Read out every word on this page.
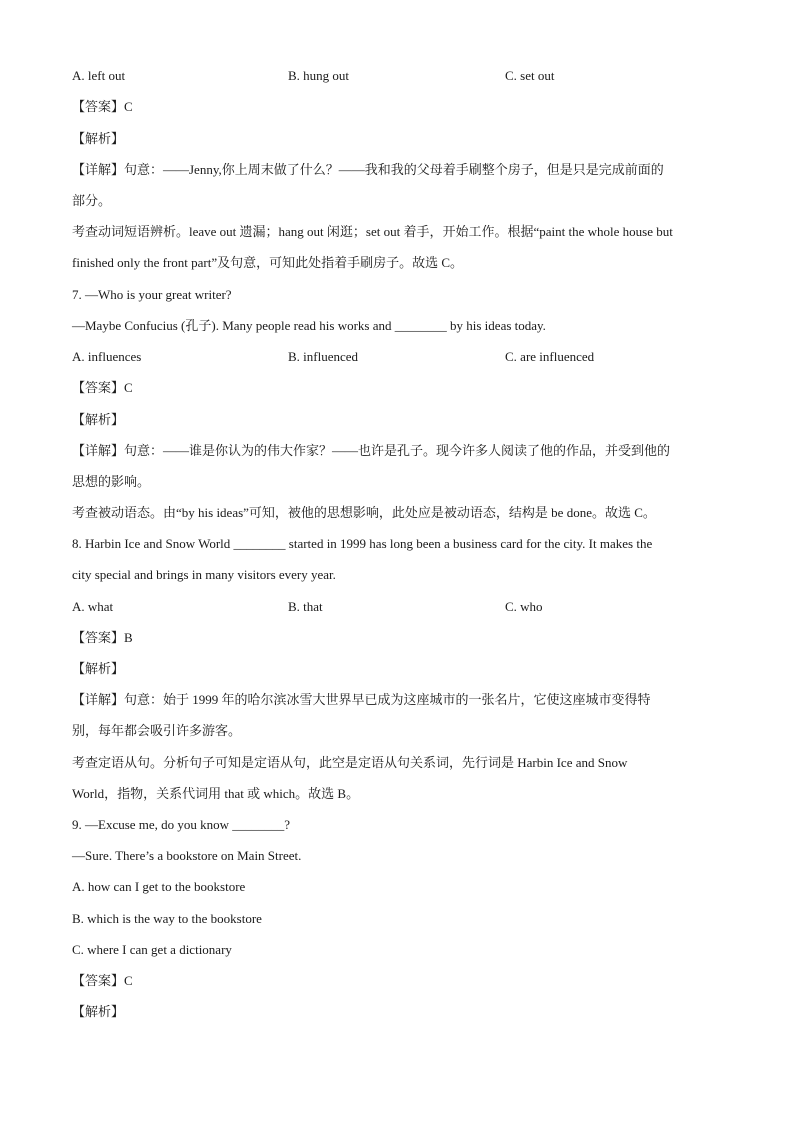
A. left out	B. hung out	C. set out
【答案】C
【解析】
【详解】句意：——Jenny,你上周末做了什么？——我和我的父母着手刷整个房子，但是只是完成前面的
部分。
考查动词短语辨析。leave out 遗漏；hang out 闲逛；set out 着手，开始工作。根据“paint the whole house but
finished only the front part”及句意，可知此处指着手刷房子。故选 C。
7. —Who is your great writer?
—Maybe Confucius (孔子). Many people read his works and ________ by his ideas today.
A. influences	B. influenced	C. are influenced
【答案】C
【解析】
【详解】句意：——谁是你认为的伟大作家？——也许是孔子。现今许多人阅读了他的作品，并受到他的
思想的影响。
考查被动语态。由“by his ideas”可知，被他的思想影响，此处应是被动语态，结构是 be done。故选 C。
8. Harbin Ice and Snow World ________ started in 1999 has long been a business card for the city. It makes the
city special and brings in many visitors every year.
A. what	B. that	C. who
【答案】B
【解析】
【详解】句意：始于 1999 年的哈尔滨冰雪大世界早已成为这座城市的一张名片，它使这座城市变得特
别，每年都会吸引许多游客。
考查定语从句。分析句子可知是定语从句，此空是定语从句关系词，先行词是 Harbin Ice and Snow
World，指物，关系代词用 that 或 which。故选 B。
9. —Excuse me, do you know ________?
—Sure. There’s a bookstore on Main Street.
A. how can I get to the bookstore
B. which is the way to the bookstore
C. where I can get a dictionary
【答案】C
【解析】
